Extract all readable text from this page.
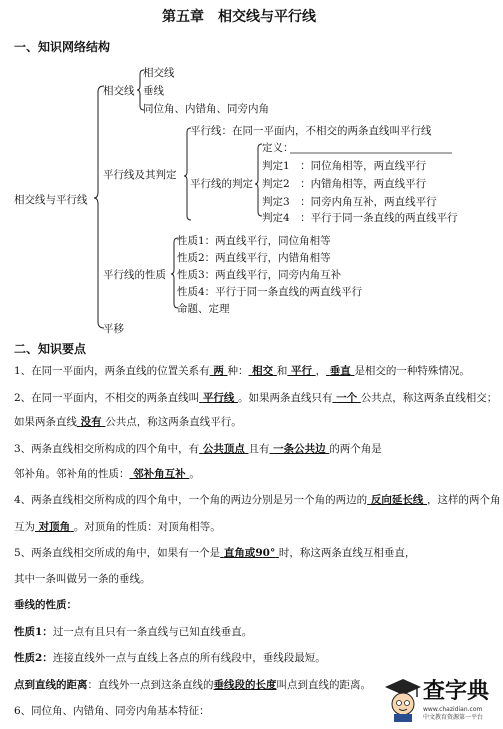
第五章　相交线与平行线
一、知识网络结构
相交线与平行线
相交线
相交线
垂线
同位角、内错角、同旁内角
平行线及其判定
平行线：在同一平面内，不相交的两条直线叫平行线
平行线的判定
定义：
判定1　：同位角相等，两直线平行
判定2　：内错角相等，两直线平行
判定3　：同旁内角互补，两直线平行
判定4　：平行于同一条直线的两直线平行
平行线的性质
性质1：两直线平行，同位角相等
性质2：两直线平行，内错角相等
性质3：两直线平行，同旁内角互补
性质4：平行于同一条直线的两直线平行
命题、定理
平移
二、知识要点
1、在同一平面内，两条直线的位置关系有 两 种： 相交 和 平行 ， 垂直 是相交的一种特殊情况。
2、在同一平面内，不相交的两条直线叫 平行线 。如果两条直线只有 一个 公共点，称这两条直线相交；
如果两条直线 没有 公共点，称这两条直线平行。
3、两条直线相交所构成的四个角中，有 公共顶点 且有 一条公共边 的两个角是
邻补角。邻补角的性质： 邻补角互补 。
4、两条直线相交所构成的四个角中，一个角的两边分别是另一个角的两边的 反向延长线 ，这样的两个角
互为 对顶角 。对顶角的性质：对顶角相等。
5、两条直线相交所成的角中，如果有一个是 直角或90° 时，称这两条直线互相垂直，
其中一条叫做另一条的垂线。
垂线的性质：
性质1：过一点有且只有一条直线与已知直线垂直。
性质2：连接直线外一点与直线上各点的所有线段中，垂线段最短。
点到直线的距离：直线外一点到这条直线的垂线段的长度叫点到直线的距离。
6、同位角、内错角、同旁内角基本特征：
查字典
www.chazidian.com
中文教育资源第一平台
